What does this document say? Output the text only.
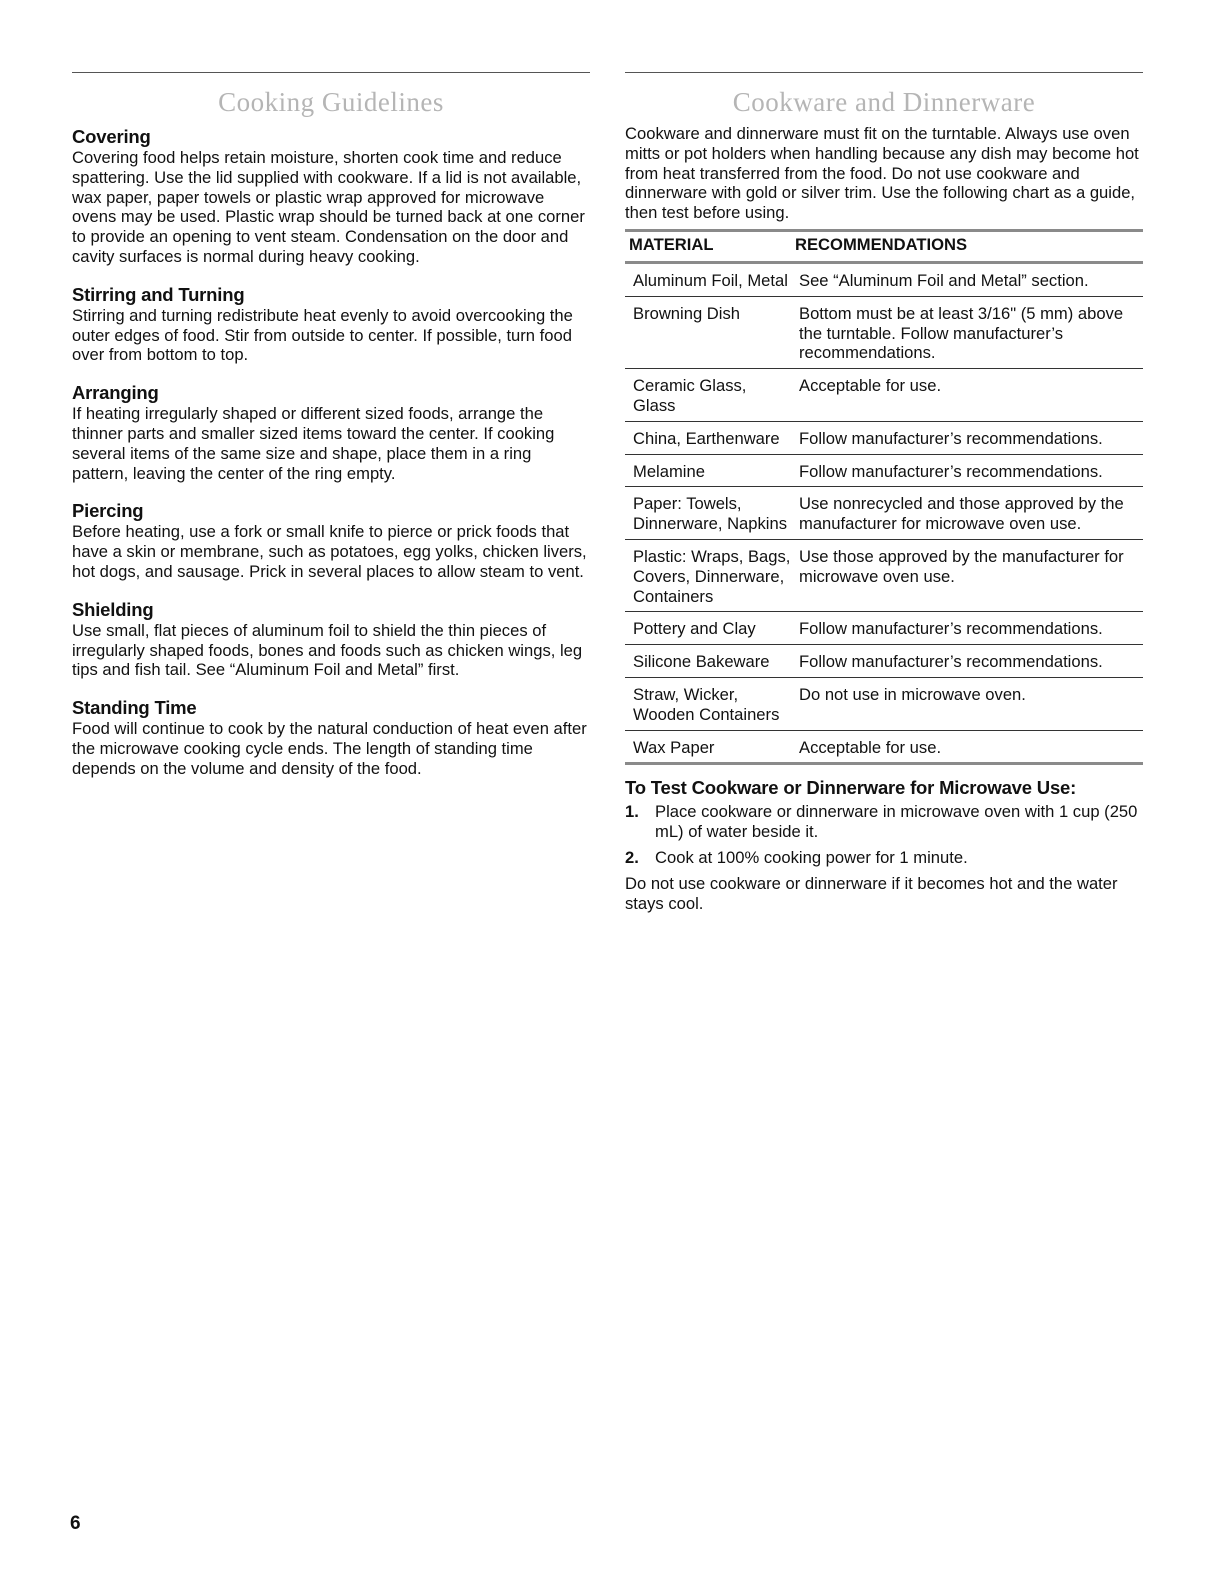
Cooking Guidelines
Covering

Covering food helps retain moisture, shorten cook time and reduce spattering. Use the lid supplied with cookware. If a lid is not available, wax paper, paper towels or plastic wrap approved for microwave ovens may be used. Plastic wrap should be turned back at one corner to provide an opening to vent steam. Condensation on the door and cavity surfaces is normal during heavy cooking.

Stirring and Turning

Stirring and turning redistribute heat evenly to avoid overcooking the outer edges of food. Stir from outside to center. If possible, turn food over from bottom to top.

Arranging

If heating irregularly shaped or different sized foods, arrange the thinner parts and smaller sized items toward the center. If cooking several items of the same size and shape, place them in a ring pattern, leaving the center of the ring empty.

Piercing

Before heating, use a fork or small knife to pierce or prick foods that have a skin or membrane, such as potatoes, egg yolks, chicken livers, hot dogs, and sausage. Prick in several places to allow steam to vent.

Shielding

Use small, flat pieces of aluminum foil to shield the thin pieces of irregularly shaped foods, bones and foods such as chicken wings, leg tips and fish tail. See “Aluminum Foil and Metal” first.

Standing Time

Food will continue to cook by the natural conduction of heat even after the microwave cooking cycle ends. The length of standing time depends on the volume and density of the food.

Cookware and Dinnerware

Cookware and dinnerware must fit on the turntable. Always use oven mitts or pot holders when handling because any dish may become hot from heat transferred from the food. Do not use cookware and dinnerware with gold or silver trim. Use the following chart as a guide, then test before using.

MATERIAL	RECOMMENDATIONS
Aluminum Foil, Metal	See “Aluminum Foil and Metal” section.
Browning Dish	Bottom must be at least 3/16" (5 mm) above the turntable. Follow manufacturer’s recommendations.
Ceramic Glass, Glass	Acceptable for use.
China, Earthenware	Follow manufacturer’s recommendations.
Melamine	Follow manufacturer’s recommendations.
Paper: Towels, Dinnerware, Napkins	Use nonrecycled and those approved by the manufacturer for microwave oven use.
Plastic: Wraps, Bags, Covers, Dinnerware, Containers	Use those approved by the manufacturer for microwave oven use.
Pottery and Clay	Follow manufacturer’s recommendations.
Silicone Bakeware	Follow manufacturer’s recommendations.
Straw, Wicker, Wooden Containers	Do not use in microwave oven.
Wax Paper	Acceptable for use.
To Test Cookware or Dinnerware for Microwave Use:
1. Place cookware or dinnerware in microwave oven with 1 cup (250 mL) of water beside it.
2. Cook at 100% cooking power for 1 minute.

Do not use cookware or dinnerware if it becomes hot and the water stays cool.

6
